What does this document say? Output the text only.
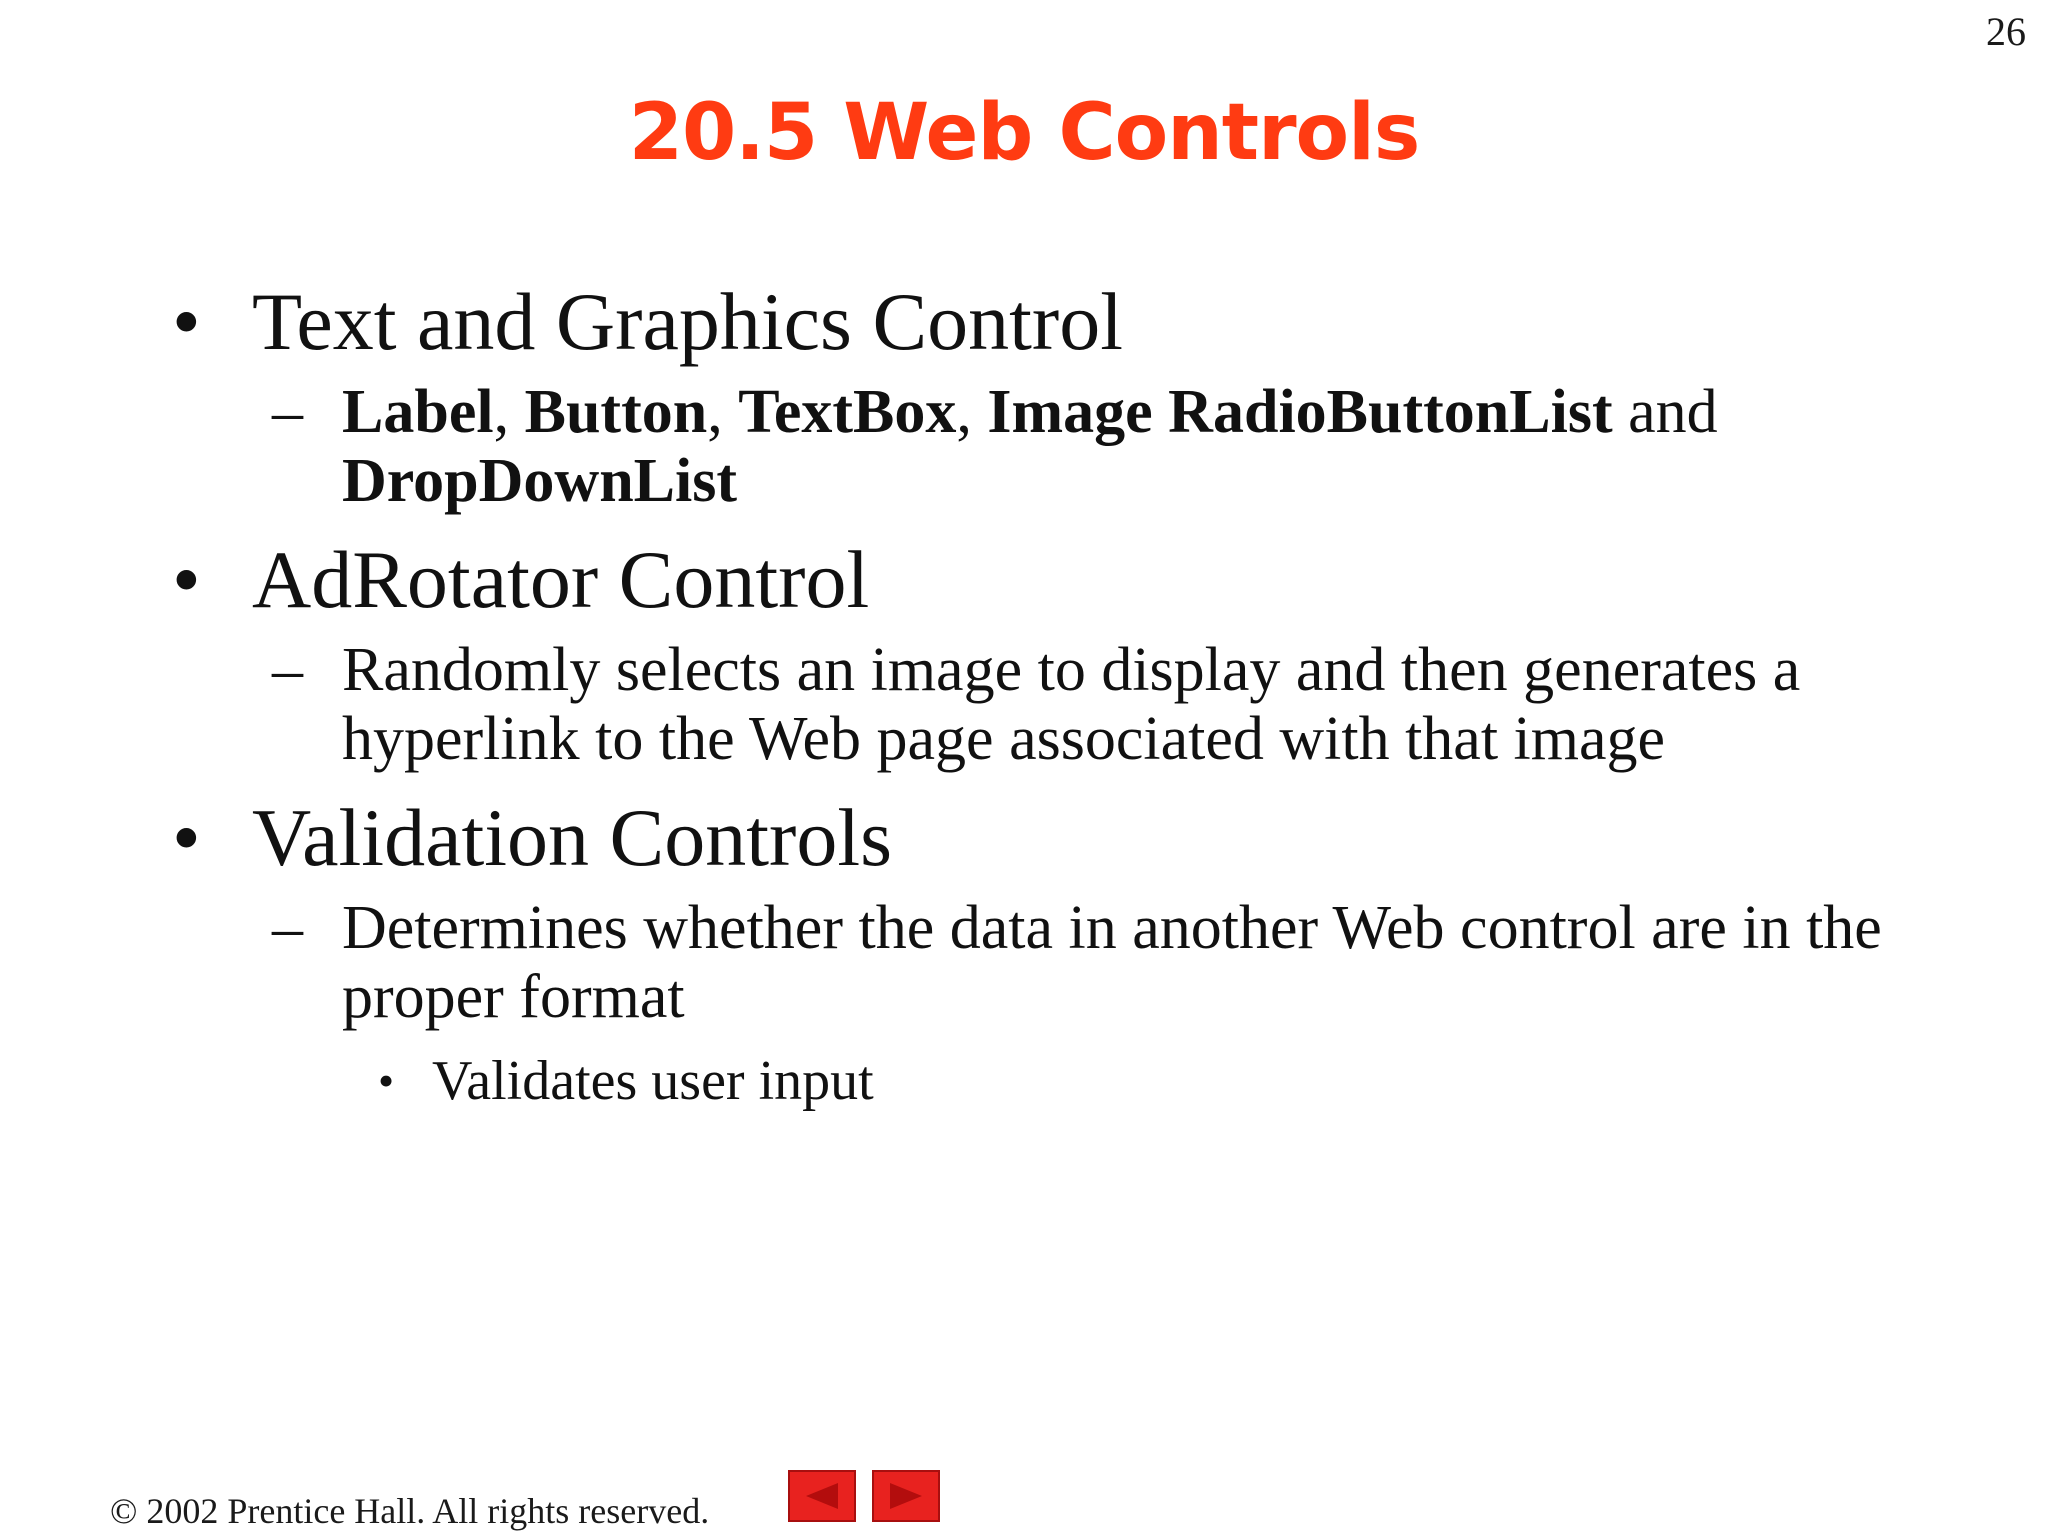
26
20.5 Web Controls
• Text and Graphics Control
– Label, Button, TextBox, Image RadioButtonList and
DropDownList
• AdRotator Control
– Randomly selects an image to display and then generates a hyperlink to the Web page associated with that image
• Validation Controls
– Determines whether the data in another Web control are in the proper format
• Validates user input
© 2002 Prentice Hall. All rights reserved.
